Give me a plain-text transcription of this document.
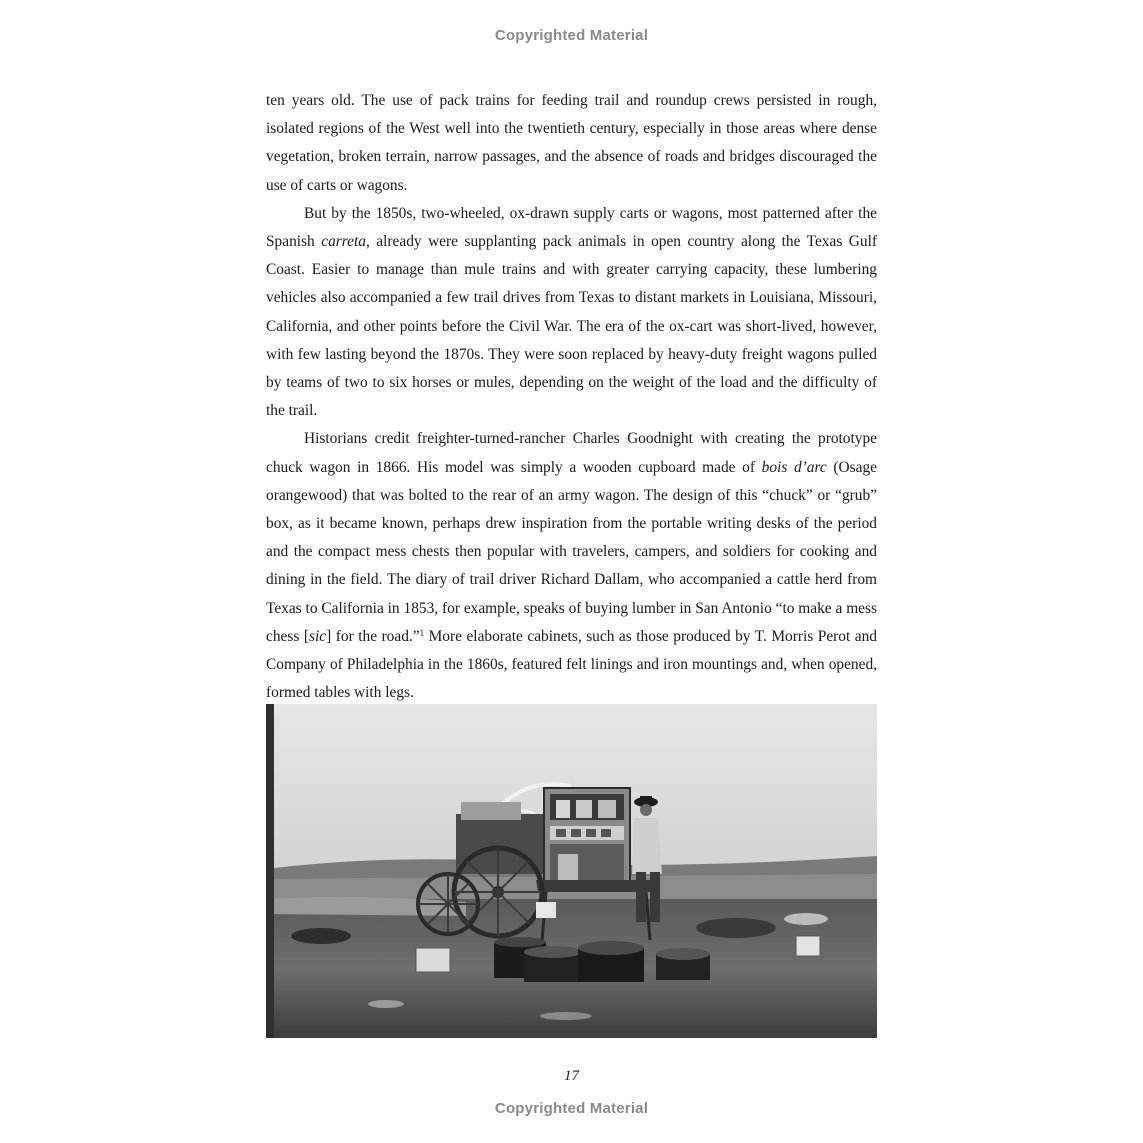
Copyrighted Material

ten years old. The use of pack trains for feeding trail and roundup crews persisted in rough, isolated regions of the West well into the twentieth century, especially in those areas where dense vegetation, broken terrain, narrow passages, and the absence of roads and bridges discouraged the use of carts or wagons.

But by the 1850s, two-wheeled, ox-drawn supply carts or wagons, most patterned after the Spanish carreta, already were supplanting pack animals in open country along the Texas Gulf Coast. Easier to manage than mule trains and with greater carrying capacity, these lumbering vehicles also accompanied a few trail drives from Texas to distant markets in Louisiana, Missouri, California, and other points before the Civil War. The era of the ox-cart was short-lived, however, with few lasting beyond the 1870s. They were soon replaced by heavy-duty freight wagons pulled by teams of two to six horses or mules, depending on the weight of the load and the difficulty of the trail.

Historians credit freighter-turned-rancher Charles Goodnight with creating the prototype chuck wagon in 1866. His model was simply a wooden cupboard made of bois d’arc (Osage orangewood) that was bolted to the rear of an army wagon. The design of this “chuck” or “grub” box, as it became known, perhaps drew inspiration from the portable writing desks of the period and the compact mess chests then popular with travelers, campers, and soldiers for cooking and dining in the field. The diary of trail driver Richard Dallam, who accompanied a cattle herd from Texas to California in 1853, for example, speaks of buying lumber in San Antonio “to make a mess chess [sic] for the road.”$^1$ More elaborate cabinets, such as those produced by T. Morris Perot and Company of Philadelphia in the 1860s, featured felt linings and iron mountings and, when opened, formed tables with legs.

17
Copyrighted Material
